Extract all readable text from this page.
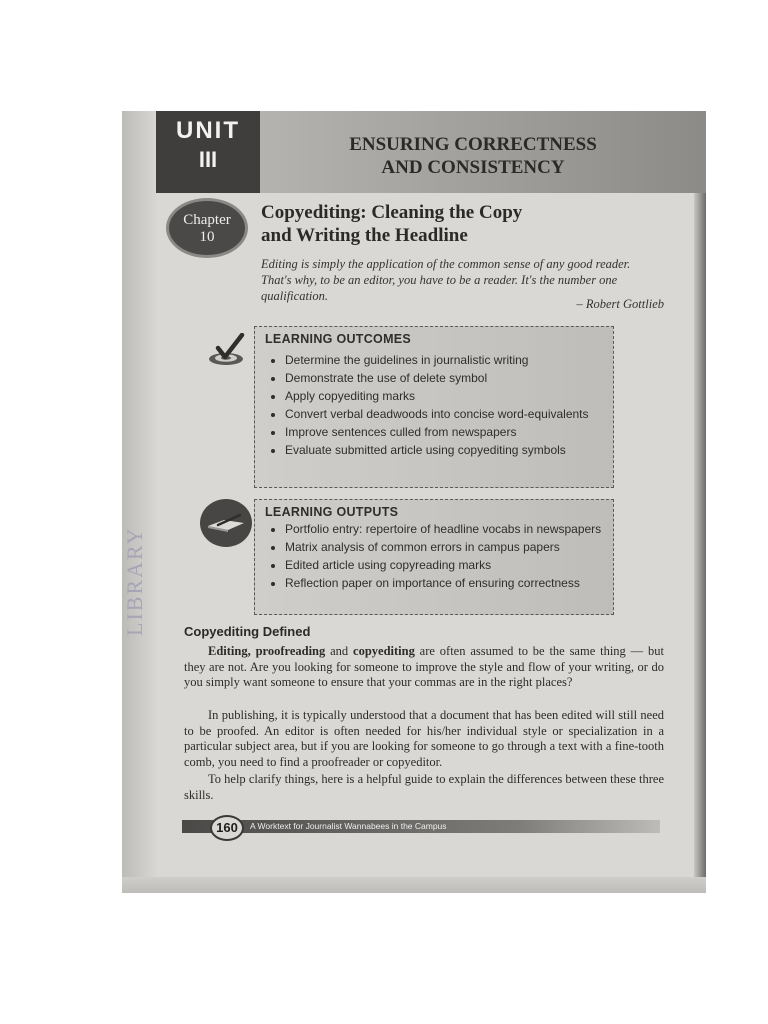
UNIT
III
ENSURING CORRECTNESS
AND CONSISTENCY
Chapter
10
Copyediting: Cleaning the Copy
and Writing the Headline
Editing is simply the application of the common sense of any good reader. That's why, to be an editor, you have to be a reader. It's the number one qualification.
– Robert Gottlieb
LEARNING OUTCOMES
• Determine the guidelines in journalistic writing
• Demonstrate the use of delete symbol
• Apply copyediting marks
• Convert verbal deadwoods into concise word-equivalents
• Improve sentences culled from newspapers
• Evaluate submitted article using copyediting symbols
LEARNING OUTPUTS
• Portfolio entry: repertoire of headline vocabs in newspapers
• Matrix analysis of common errors in campus papers
• Edited article using copyreading marks
• Reflection paper on importance of ensuring correctness
Copyediting Defined
Editing, proofreading and copyediting are often assumed to be the same thing — but they are not. Are you looking for someone to improve the style and flow of your writing, or do you simply want someone to ensure that your commas are in the right places?
In publishing, it is typically understood that a document that has been edited will still need to be proofed. An editor is often needed for his/her individual style or specialization in a particular subject area, but if you are looking for someone to go through a text with a fine-tooth comb, you need to find a proofreader or copyeditor.
To help clarify things, here is a helpful guide to explain the differences between these three skills.
160	A Worktext for Journalist Wannabees in the Campus
LIBRARY
